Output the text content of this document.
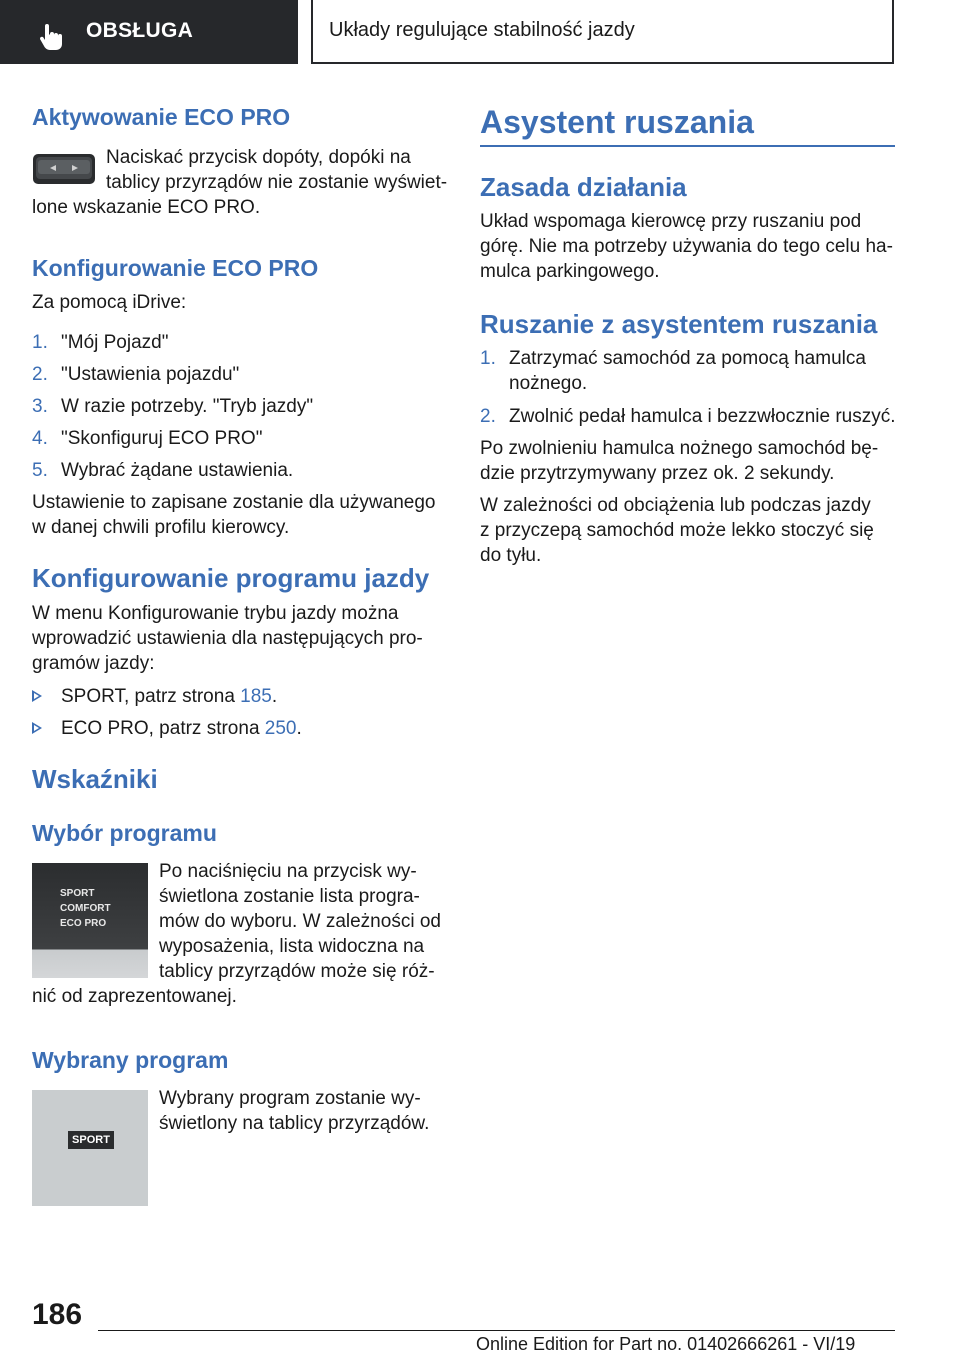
OBSŁUGA	Układy regulujące stabilność jazdy
Aktywowanie ECO PRO
Naciskać przycisk dopóty, dopóki na
tablicy przyrządów nie zostanie wyświet-
lone wskazanie ECO PRO.
Konfigurowanie ECO PRO
Za pomocą iDrive:
1. "Mój Pojazd"
2. "Ustawienia pojazdu"
3. W razie potrzeby. "Tryb jazdy"
4. "Skonfiguruj ECO PRO"
5. Wybrać żądane ustawienia.
Ustawienie to zapisane zostanie dla używanego
w danej chwili profilu kierowcy.
Konfigurowanie programu jazdy
W menu Konfigurowanie trybu jazdy można
wprowadzić ustawienia dla następujących pro-
gramów jazdy:
SPORT, patrz strona 185.
ECO PRO, patrz strona 250.
Wskaźniki
Wybór programu
SPORT
COMFORT
ECO PRO
Po naciśnięciu na przycisk wy-
świetlona zostanie lista progra-
mów do wyboru. W zależności od
wyposażenia, lista widoczna na
tablicy przyrządów może się róż-
nić od zaprezentowanej.
Wybrany program
SPORT
Wybrany program zostanie wy-
świetlony na tablicy przyrządów.
Asystent ruszania
Zasada działania
Układ wspomaga kierowcę przy ruszaniu pod
górę. Nie ma potrzeby używania do tego celu ha-
mulca parkingowego.
Ruszanie z asystentem ruszania
1. Zatrzymać samochód za pomocą hamulca
nożnego.
2. Zwolnić pedał hamulca i bezzwłocznie ruszyć.
Po zwolnieniu hamulca nożnego samochód bę-
dzie przytrzymywany przez ok. 2 sekundy.
W zależności od obciążenia lub podczas jazdy
z przyczepą samochód może lekko stoczyć się
do tyłu.
186
Online Edition for Part no. 01402666261 - VI/19
